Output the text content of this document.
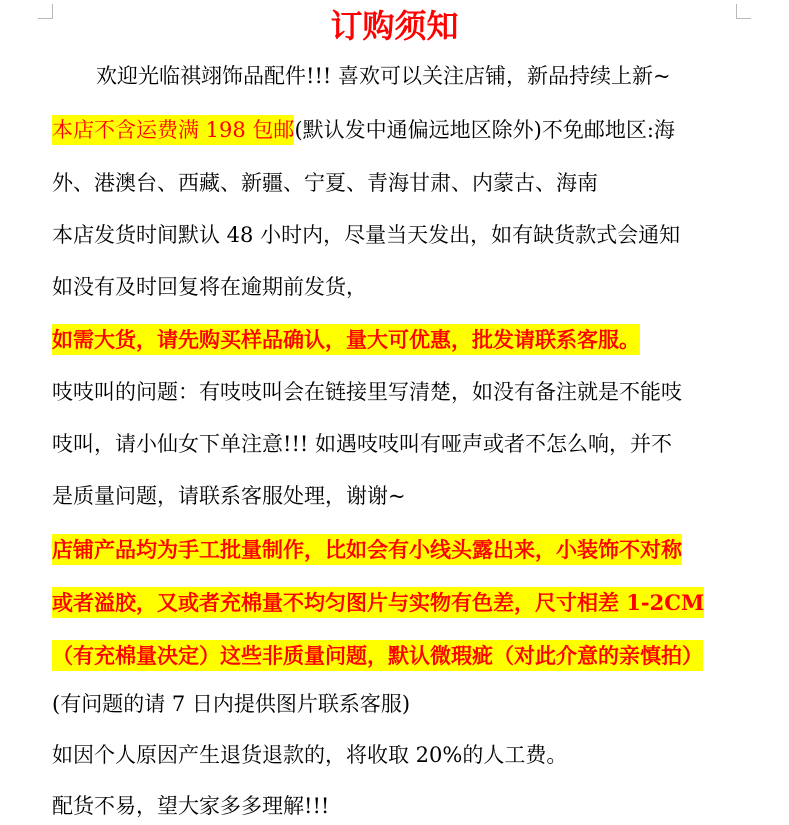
订购须知
欢迎光临祺翊饰品配件!!! 喜欢可以关注店铺，新品持续上新~
本店不含运费满 198 包邮(默认发中通偏远地区除外)不免邮地区:海
外、港澳台、西藏、新疆、宁夏、青海甘肃、内蒙古、海南
本店发货时间默认 48 小时内，尽量当天发出，如有缺货款式会通知
如没有及时回复将在逾期前发货，
如需大货，请先购买样品确认，量大可优惠，批发请联系客服。
吱吱叫的问题：有吱吱叫会在链接里写清楚，如没有备注就是不能吱
吱叫，请小仙女下单注意!!! 如遇吱吱叫有哑声或者不怎么响，并不
是质量问题，请联系客服处理，谢谢~
店铺产品均为手工批量制作，比如会有小线头露出来，小装饰不对称
或者溢胶，又或者充棉量不均匀图片与实物有色差，尺寸相差 1-2CM
（有充棉量决定）这些非质量问题，默认微瑕疵（对此介意的亲慎拍）
(有问题的请 7 日内提供图片联系客服)
如因个人原因产生退货退款的，将收取 20%的人工费。
配货不易，望大家多多理解!!!
